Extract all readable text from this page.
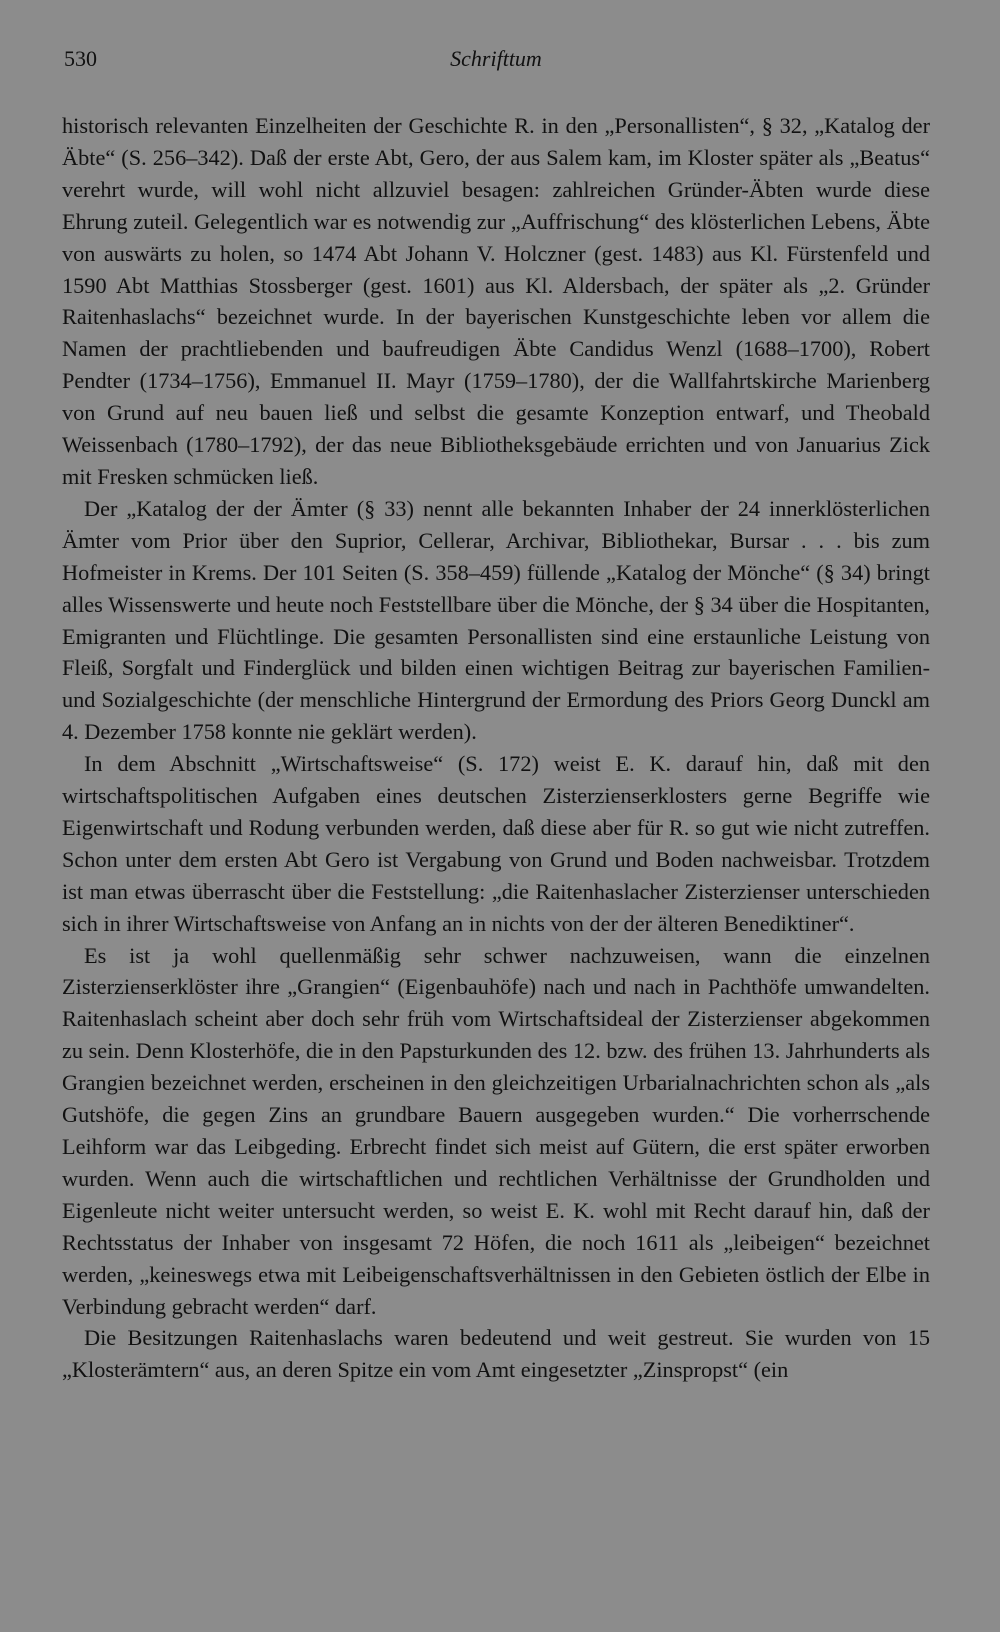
530	Schrifttum

historisch relevanten Einzelheiten der Geschichte R. in den „Personallisten“, § 32, „Katalog der Äbte“ (S. 256–342). Daß der erste Abt, Gero, der aus Salem kam, im Kloster später als „Beatus“ verehrt wurde, will wohl nicht allzuviel besagen: zahlreichen Gründer-Äbten wurde diese Ehrung zuteil. Gelegentlich war es notwendig zur „Auffrischung“ des klösterlichen Lebens, Äbte von auswärts zu holen, so 1474 Abt Johann V. Holczner (gest. 1483) aus Kl. Fürstenfeld und 1590 Abt Matthias Stossberger (gest. 1601) aus Kl. Aldersbach, der später als „2. Gründer Raitenhaslachs“ bezeichnet wurde. In der bayerischen Kunstgeschichte leben vor allem die Namen der prachtliebenden und baufreudigen Äbte Candidus Wenzl (1688–1700), Robert Pendter (1734–1756), Emmanuel II. Mayr (1759–1780), der die Wallfahrtskirche Marienberg von Grund auf neu bauen ließ und selbst die gesamte Konzeption entwarf, und Theobald Weissenbach (1780–1792), der das neue Bibliotheksgebäude errichten und von Januarius Zick mit Fresken schmücken ließ.

Der „Katalog der der Ämter (§ 33) nennt alle bekannten Inhaber der 24 innerklösterlichen Ämter vom Prior über den Suprior, Cellerar, Archivar, Bibliothekar, Bursar . . . bis zum Hofmeister in Krems. Der 101 Seiten (S. 358–459) füllende „Katalog der Mönche“ (§ 34) bringt alles Wissenswerte und heute noch Feststellbare über die Mönche, der § 34 über die Hospitanten, Emigranten und Flüchtlinge. Die gesamten Personallisten sind eine erstaunliche Leistung von Fleiß, Sorgfalt und Finderglück und bilden einen wichtigen Beitrag zur bayerischen Familien- und Sozialgeschichte (der menschliche Hintergrund der Ermordung des Priors Georg Dunckl am 4. Dezember 1758 konnte nie geklärt werden).

In dem Abschnitt „Wirtschaftsweise“ (S. 172) weist E. K. darauf hin, daß mit den wirtschaftspolitischen Aufgaben eines deutschen Zisterzienserklosters gerne Begriffe wie Eigenwirtschaft und Rodung verbunden werden, daß diese aber für R. so gut wie nicht zutreffen. Schon unter dem ersten Abt Gero ist Vergabung von Grund und Boden nachweisbar. Trotzdem ist man etwas überrascht über die Feststellung: „die Raitenhaslacher Zisterzienser unterschieden sich in ihrer Wirtschaftsweise von Anfang an in nichts von der der älteren Benediktiner“.

Es ist ja wohl quellenmäßig sehr schwer nachzuweisen, wann die einzelnen Zisterzienserklöster ihre „Grangien“ (Eigenbauhöfe) nach und nach in Pachthöfe umwandelten. Raitenhaslach scheint aber doch sehr früh vom Wirtschaftsideal der Zisterzienser abgekommen zu sein. Denn Klosterhöfe, die in den Papsturkunden des 12. bzw. des frühen 13. Jahrhunderts als Grangien bezeichnet werden, erscheinen in den gleichzeitigen Urbarialnachrichten schon als „als Gutshöfe, die gegen Zins an grundbare Bauern ausgegeben wurden.“ Die vorherrschende Leihform war das Leibgeding. Erbrecht findet sich meist auf Gütern, die erst später erworben wurden. Wenn auch die wirtschaftlichen und rechtlichen Verhältnisse der Grundholden und Eigenleute nicht weiter untersucht werden, so weist E. K. wohl mit Recht darauf hin, daß der Rechtsstatus der Inhaber von insgesamt 72 Höfen, die noch 1611 als „leibeigen“ bezeichnet werden, „keineswegs etwa mit Leibeigenschaftsverhältnissen in den Gebieten östlich der Elbe in Verbindung gebracht werden“ darf.

Die Besitzungen Raitenhaslachs waren bedeutend und weit gestreut. Sie wurden von 15 „Klosterämtern“ aus, an deren Spitze ein vom Amt eingesetzter „Zinspropst“ (ein
